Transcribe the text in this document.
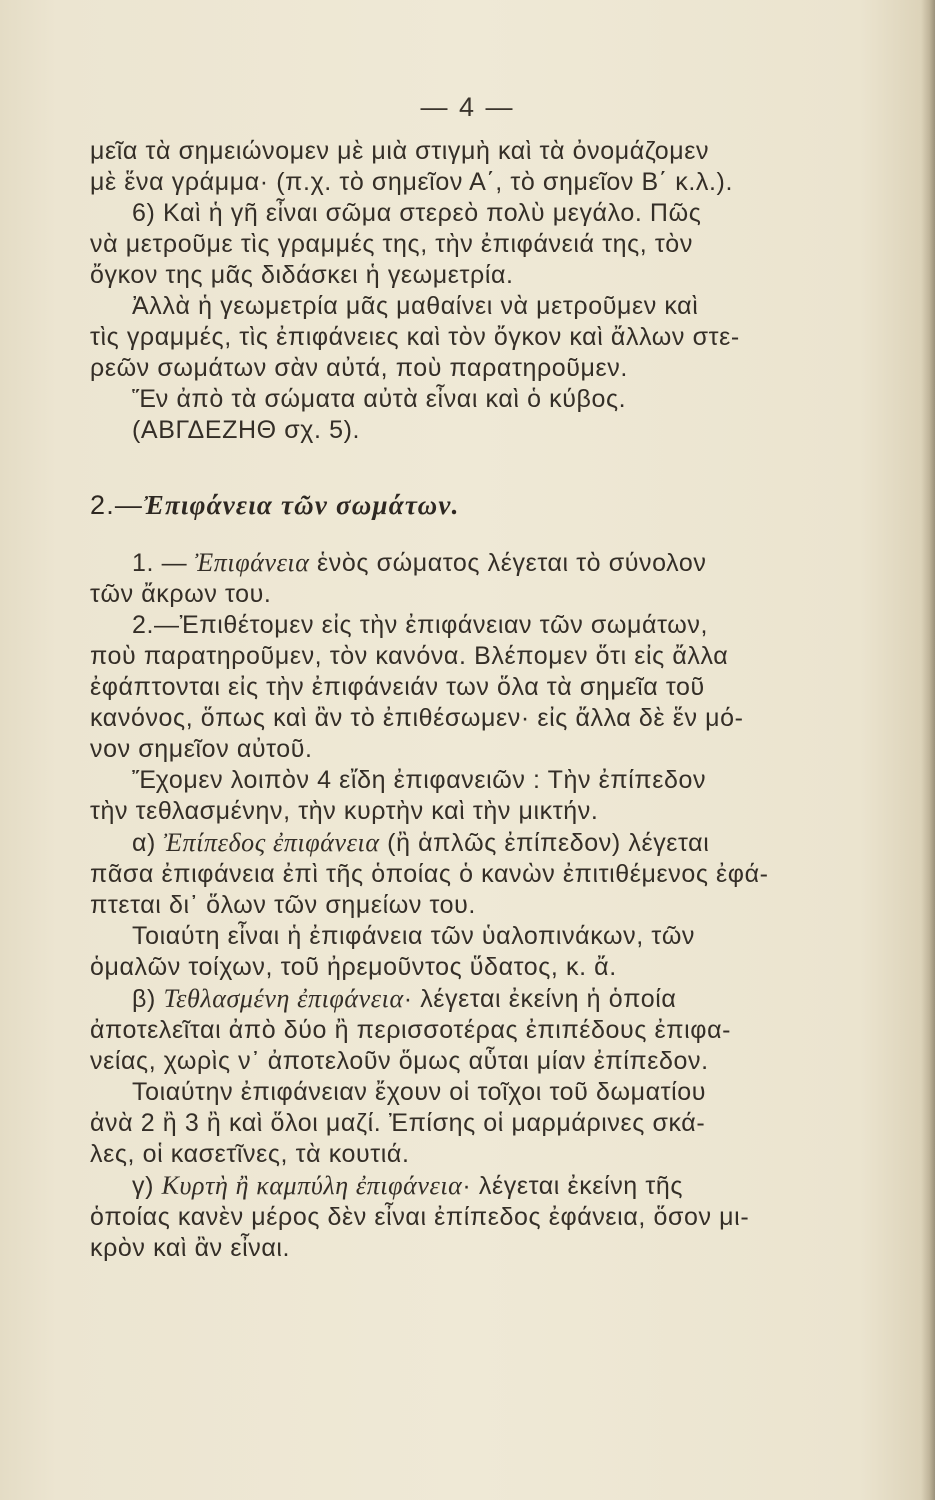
— 4 —

μεῖα τὰ σημειώνομεν μὲ μιὰ στιγμὴ καὶ τὰ ὀνομάζομεν
μὲ ἕνα γράμμα· (π.χ. τὸ σημεῖον Α΄, τὸ σημεῖον Β΄ κ.λ.).

6) Καὶ ἡ γῆ εἶναι σῶμα στερεὸ πολὺ μεγάλο. Πῶς
νὰ μετροῦμε τὶς γραμμές της, τὴν ἐπιφάνειά της, τὸν
ὄγκον της μᾶς διδάσκει ἡ γεωμετρία.

Ἀλλὰ ἡ γεωμετρία μᾶς μαθαίνει νὰ μετροῦμεν καὶ
τὶς γραμμές, τὶς ἐπιφάνειες καὶ τὸν ὄγκον καὶ ἄλλων στε-
ρεῶν σωμάτων σὰν αὐτά, ποὺ παρατηροῦμεν.

Ἕν ἀπὸ τὰ σώματα αὐτὰ εἶναι καὶ ὁ κύβος.
(ΑΒΓΔΕΖΗΘ σχ. 5).

2.—Ἐπιφάνεια τῶν σωμάτων.

1. — Ἐπιφάνεια ἑνὸς σώματος λέγεται τὸ σύνολον
τῶν ἄκρων του.

2.—Ἐπιθέτομεν εἰς τὴν ἐπιφάνειαν τῶν σωμάτων,
ποὺ παρατηροῦμεν, τὸν κανόνα. Βλέπομεν ὅτι εἰς ἄλλα
ἐφάπτονται εἰς τὴν ἐπιφάνειάν των ὅλα τὰ σημεῖα τοῦ
κανόνος, ὅπως καὶ ἂν τὸ ἐπιθέσωμεν· εἰς ἄλλα δὲ ἕν μό-
νον σημεῖον αὐτοῦ.

Ἔχομεν λοιπὸν 4 εἴδη ἐπιφανειῶν : Τὴν ἐπίπεδον
τὴν τεθλασμένην, τὴν κυρτὴν καὶ τὴν μικτήν.

α) Ἐπίπεδος ἐπιφάνεια (ἢ ἁπλῶς ἐπίπεδον) λέγεται
πᾶσα ἐπιφάνεια ἐπὶ τῆς ὁποίας ὁ κανὼν ἐπιτιθέμενος ἐφά-
πτεται δι᾽ ὅλων τῶν σημείων του.

Τοιαύτη εἶναι ἡ ἐπιφάνεια τῶν ὑαλοπινάκων, τῶν
ὁμαλῶν τοίχων, τοῦ ἠρεμοῦντος ὕδατος, κ. ἄ.

β) Τεθλασμένη ἐπιφάνεια· λέγεται ἐκείνη ἡ ὁποία
ἀποτελεῖται ἀπὸ δύο ἢ περισσοτέρας ἐπιπέδους ἐπιφα-
νείας, χωρὶς ν᾽ ἀποτελοῦν ὅμως αὗται μίαν ἐπίπεδον.

Τοιαύτην ἐπιφάνειαν ἔχουν οἱ τοῖχοι τοῦ δωματίου
ἀνὰ 2 ἢ 3 ἢ καὶ ὅλοι μαζί. Ἐπίσης οἱ μαρμάρινες σκά-
λες, οἱ κασετῖνες, τὰ κουτιά.

γ) Κυρτὴ ἢ καμπύλη ἐπιφάνεια· λέγεται ἐκείνη τῆς
ὁποίας κανὲν μέρος δὲν εἶναι ἐπίπεδος ἐφάνεια, ὅσον μι-
κρὸν καὶ ἂν εἶναι.
